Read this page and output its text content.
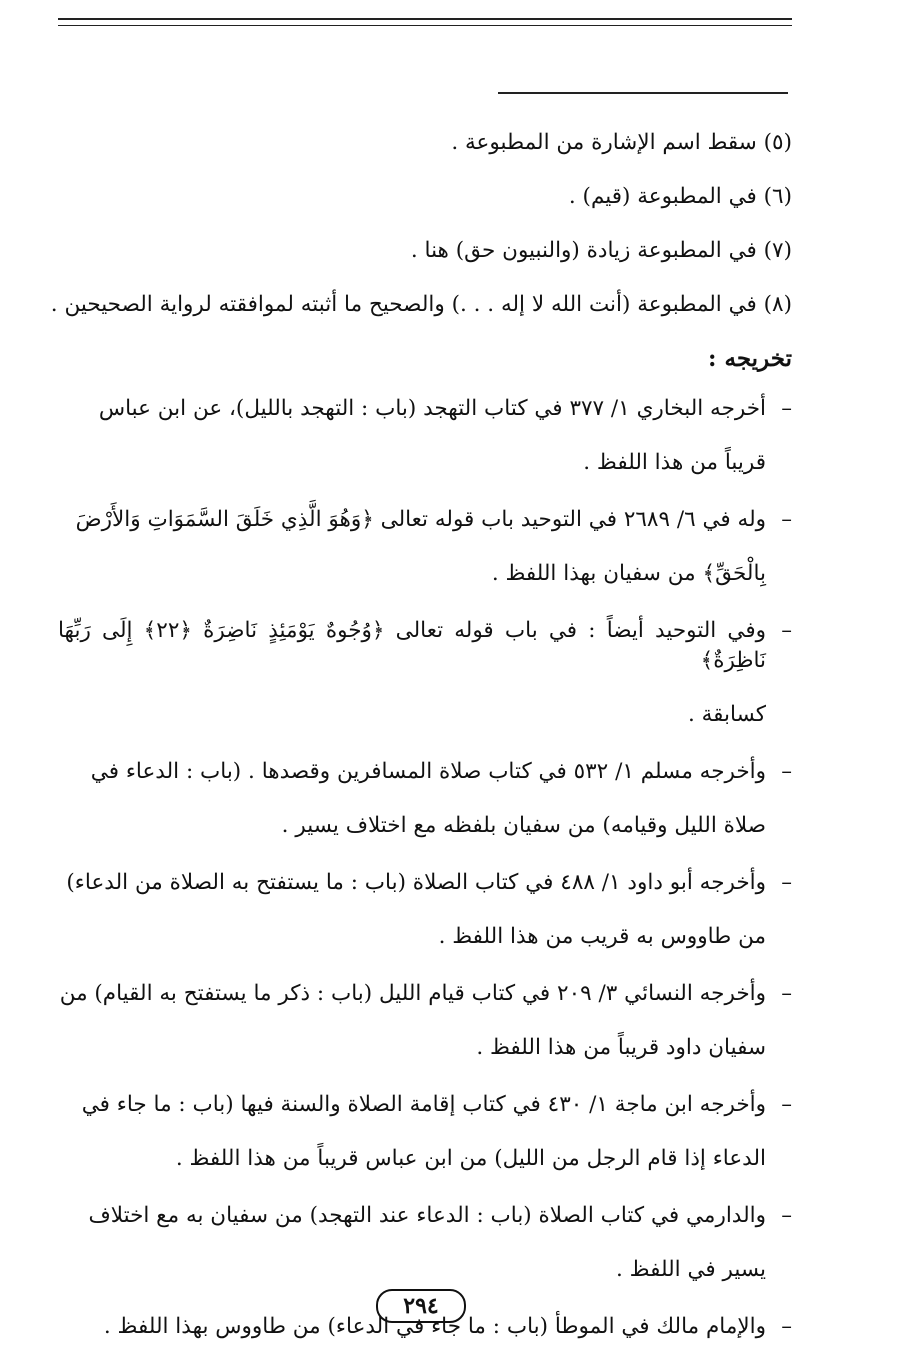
(٥) سقط اسم الإشارة من المطبوعة .
(٦) في المطبوعة (قيم) .
(٧) في المطبوعة زيادة (والنبيون حق) هنا .
(٨) في المطبوعة (أنت الله لا إله . . .) والصحيح ما أثبته لموافقته لرواية الصحيحين .
تخريجه :
–
أخرجه البخاري ١/ ٣٧٧ في كتاب التهجد (باب : التهجد بالليل)، عن ابن عباس
قريباً من هذا اللفظ .
–
وله في ٦/ ٢٦٨٩ في التوحيد باب قوله تعالى ﴿وَهُوَ الَّذِي خَلَقَ السَّمَوَاتِ وَالأَرْضَ
بِالْحَقِّ﴾ من سفيان بهذا اللفظ .
–
وفي التوحيد أيضاً : في باب قوله تعالى ﴿وُجُوهٌ يَوْمَئِذٍ نَاضِرَةٌ ﴿٢٢﴾ إِلَى رَبِّهَا نَاظِرَةٌ﴾
كسابقة .
–
وأخرجه مسلم ١/ ٥٣٢ في كتاب صلاة المسافرين وقصدها . (باب : الدعاء في
صلاة الليل وقيامه) من سفيان بلفظه مع اختلاف يسير .
–
وأخرجه أبو داود ١/ ٤٨٨ في كتاب الصلاة (باب : ما يستفتح به الصلاة من الدعاء)
من طاووس به قريب من هذا اللفظ .
–
وأخرجه النسائي ٣/ ٢٠٩ في كتاب قيام الليل (باب : ذكر ما يستفتح به القيام) من
سفيان داود قريباً من هذا اللفظ .
–
وأخرجه ابن ماجة ١/ ٤٣٠ في كتاب إقامة الصلاة والسنة فيها (باب : ما جاء في
الدعاء إذا قام الرجل من الليل) من ابن عباس قريباً من هذا اللفظ .
–
والدارمي في كتاب الصلاة (باب : الدعاء عند التهجد) من سفيان به مع اختلاف
يسير في اللفظ .
–
والإمام مالك في الموطأ (باب : ما جاء في الدعاء) من طاووس بهذا اللفظ .
٢٩٤
